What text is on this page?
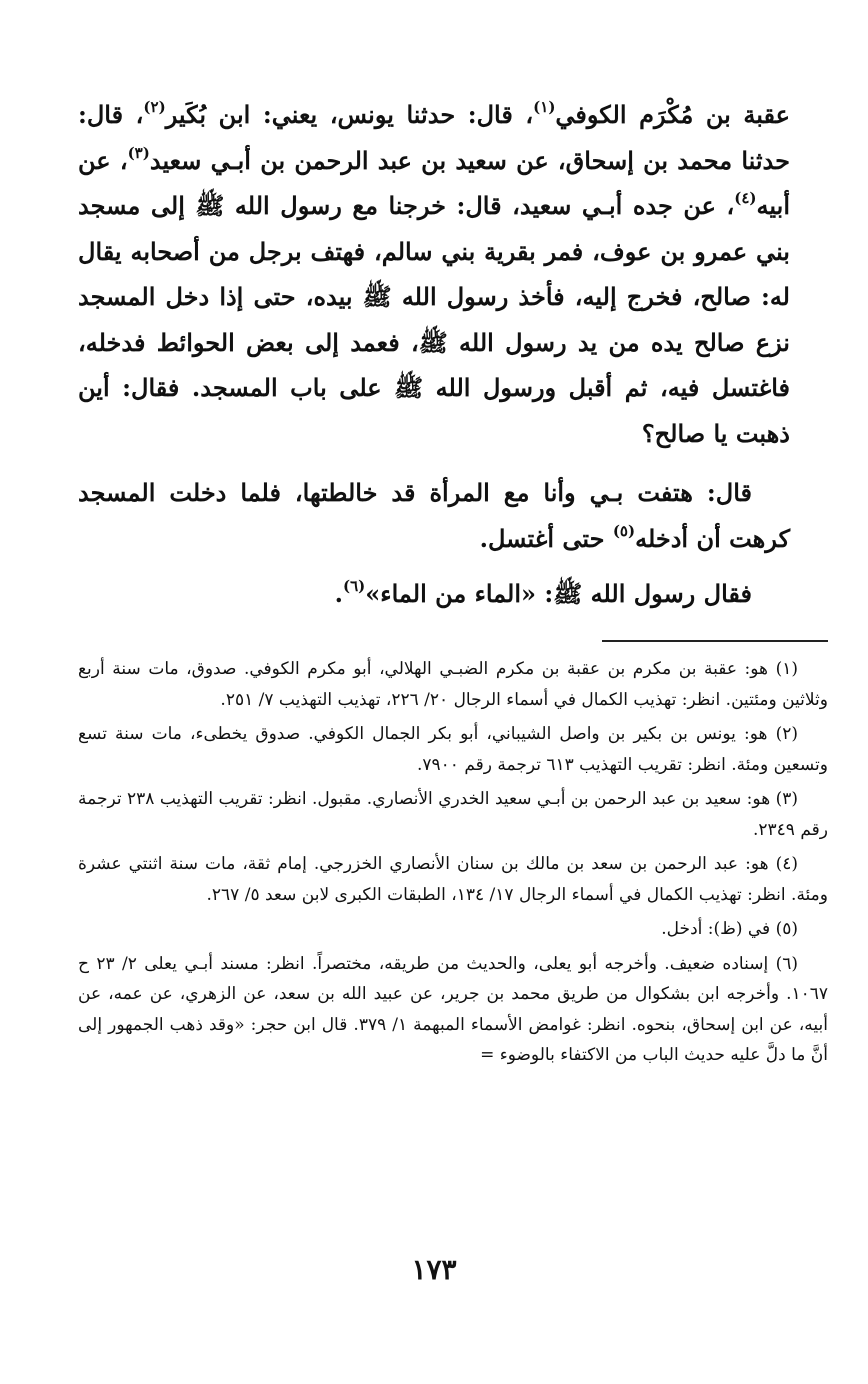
عقبة بن مُكْرَم الكوفي$^{(١)}$، قال: حدثنا يونس، يعني: ابن بُكَير$^{(٢)}$، قال: حدثنا محمد بن إسحاق، عن سعيد بن عبد الرحمن بن أبـي سعيد$^{(٣)}$، عن أبيه$^{(٤)}$، عن جده أبـي سعيد، قال: خرجنا مع رسول الله ﷺ إلى مسجد بني عمرو بن عوف، فمر بقرية بني سالم، فهتف برجل من أصحابه يقال له: صالح، فخرج إليه، فأخذ رسول الله ﷺ بيده، حتى إذا دخل المسجد نزع صالح يده من يد رسول الله ﷺ، فعمد إلى بعض الحوائط فدخله، فاغتسل فيه، ثم أقبل ورسول الله ﷺ على باب المسجد. فقال: أين ذهبت يا صالح؟

قال: هتفت بـي وأنا مع المرأة قد خالطتها، فلما دخلت المسجد كرهت أن أدخله$^{(٥)}$ حتى أغتسل.

فقال رسول الله ﷺ: «الماء من الماء»$^{(٦)}$.

(١) هو: عقبة بن مكرم بن عقبة بن مكرم الضبـي الهلالي، أبو مكرم الكوفي. صدوق، مات سنة أربع وثلاثين ومئتين. انظر: تهذيب الكمال في أسماء الرجال ٢٠/ ٢٢٦، تهذيب التهذيب ٧/ ٢٥١.

(٢) هو: يونس بن بكير بن واصل الشيباني، أبو بكر الجمال الكوفي. صدوق يخطىء، مات سنة تسع وتسعين ومئة. انظر: تقريب التهذيب ٦١٣ ترجمة رقم ٧٩٠٠.

(٣) هو: سعيد بن عبد الرحمن بن أبـي سعيد الخدري الأنصاري. مقبول. انظر: تقريب التهذيب ٢٣٨ ترجمة رقم ٢٣٤٩.

(٤) هو: عبد الرحمن بن سعد بن مالك بن سنان الأنصاري الخزرجي. إمام ثقة، مات سنة اثنتي عشرة ومئة. انظر: تهذيب الكمال في أسماء الرجال ١٧/ ١٣٤، الطبقات الكبرى لابن سعد ٥/ ٢٦٧.

(٥) في (ظ): أدخل.

(٦) إسناده ضعيف. وأخرجه أبو يعلى، والحديث من طريقه، مختصراً. انظر: مسند أبـي يعلى ٢/ ٢٣ ح ١٠٦٧. وأخرجه ابن بشكوال من طريق محمد بن جرير، عن عبيد الله بن سعد، عن الزهري، عن عمه، عن أبيه، عن ابن إسحاق، بنحوه. انظر: غوامض الأسماء المبهمة ١/ ٣٧٩. قال ابن حجر: «وقد ذهب الجمهور إلى أنَّ ما دلَّ عليه حديث الباب من الاكتفاء بالوضوء =

١٧٣
